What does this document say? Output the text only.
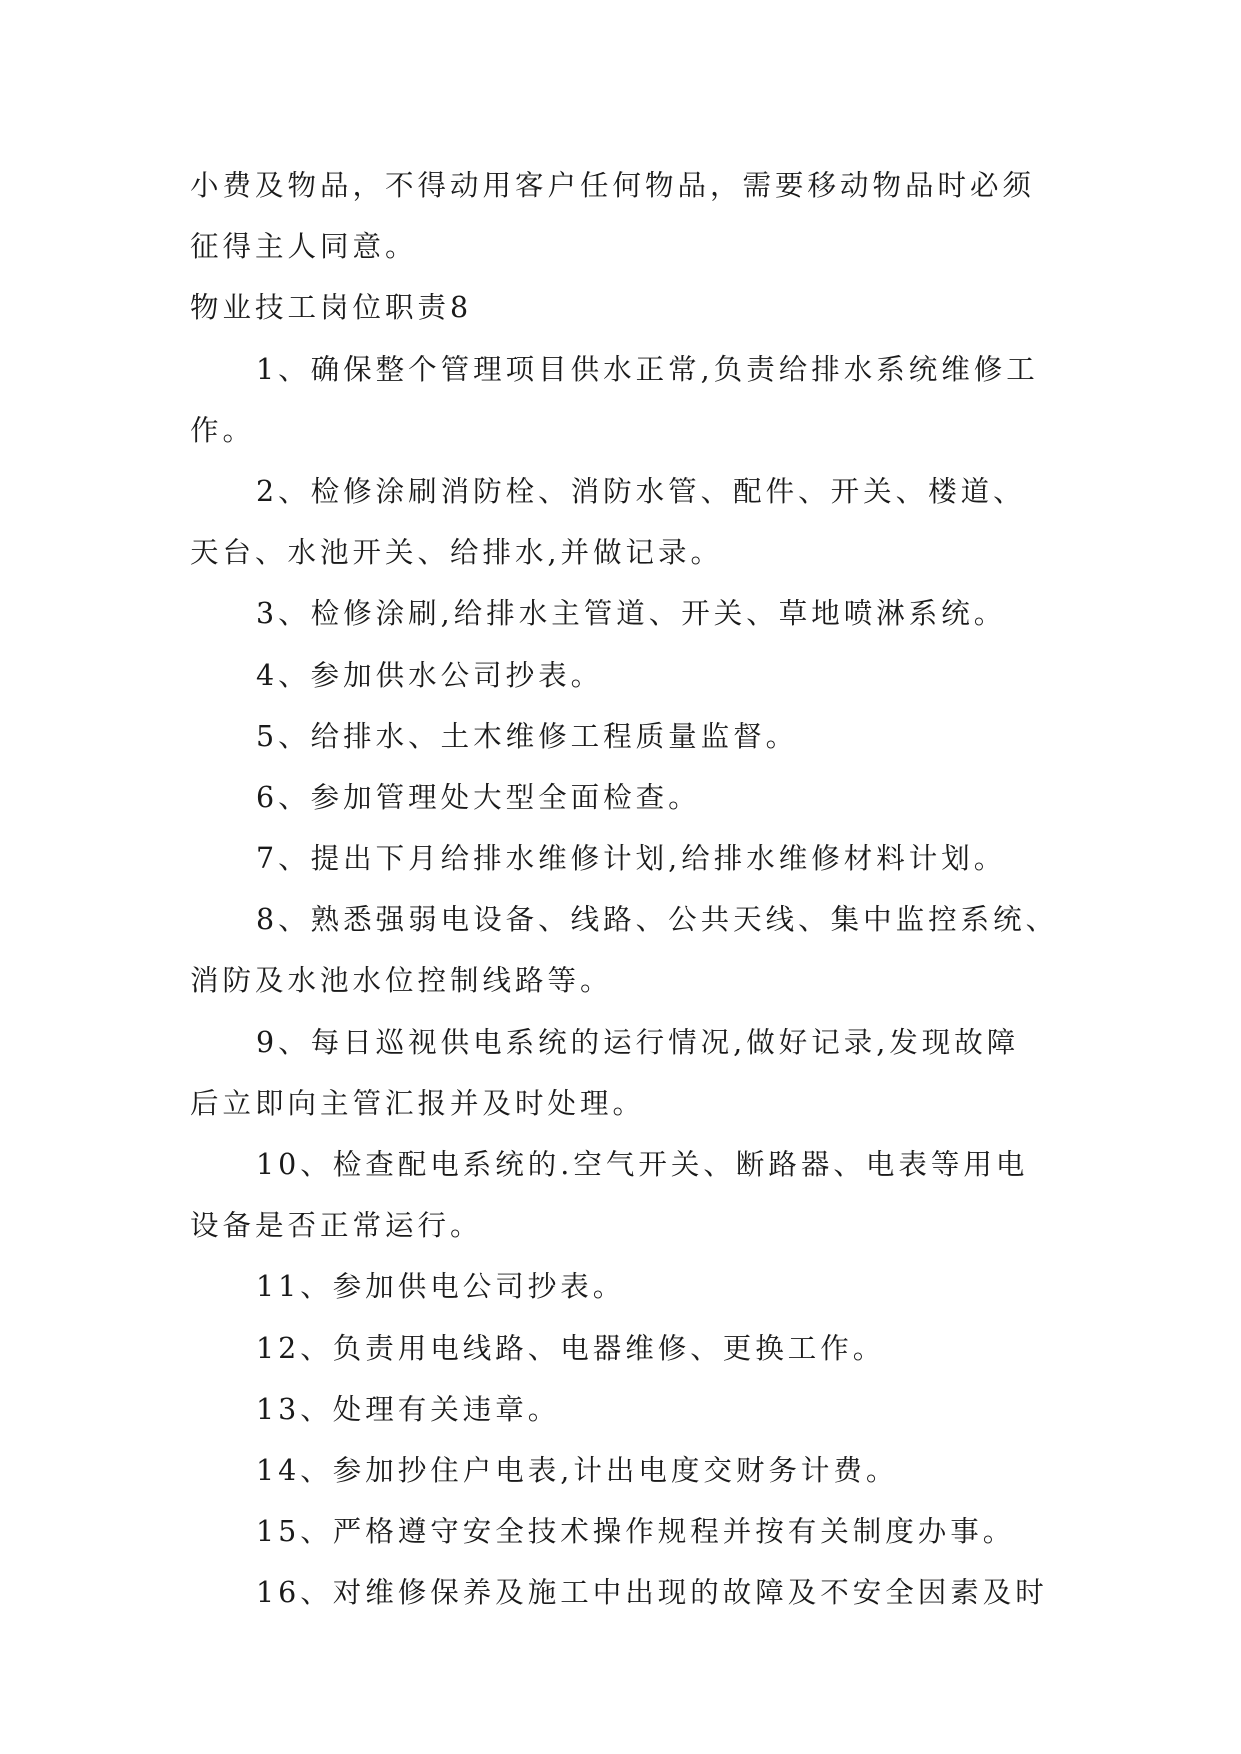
小费及物品，不得动用客户任何物品，需要移动物品时必须
征得主人同意。
物业技工岗位职责8
1、确保整个管理项目供水正常,负责给排水系统维修工
作。
2、检修涂刷消防栓、消防水管、配件、开关、楼道、
天台、水池开关、给排水,并做记录。
3、检修涂刷,给排水主管道、开关、草地喷淋系统。
4、参加供水公司抄表。
5、给排水、土木维修工程质量监督。
6、参加管理处大型全面检查。
7、提出下月给排水维修计划,给排水维修材料计划。
8、熟悉强弱电设备、线路、公共天线、集中监控系统、
消防及水池水位控制线路等。
9、每日巡视供电系统的运行情况,做好记录,发现故障
后立即向主管汇报并及时处理。
10、检查配电系统的.空气开关、断路器、电表等用电
设备是否正常运行。
11、参加供电公司抄表。
12、负责用电线路、电器维修、更换工作。
13、处理有关违章。
14、参加抄住户电表,计出电度交财务计费。
15、严格遵守安全技术操作规程并按有关制度办事。
16、对维修保养及施工中出现的故障及不安全因素及时
